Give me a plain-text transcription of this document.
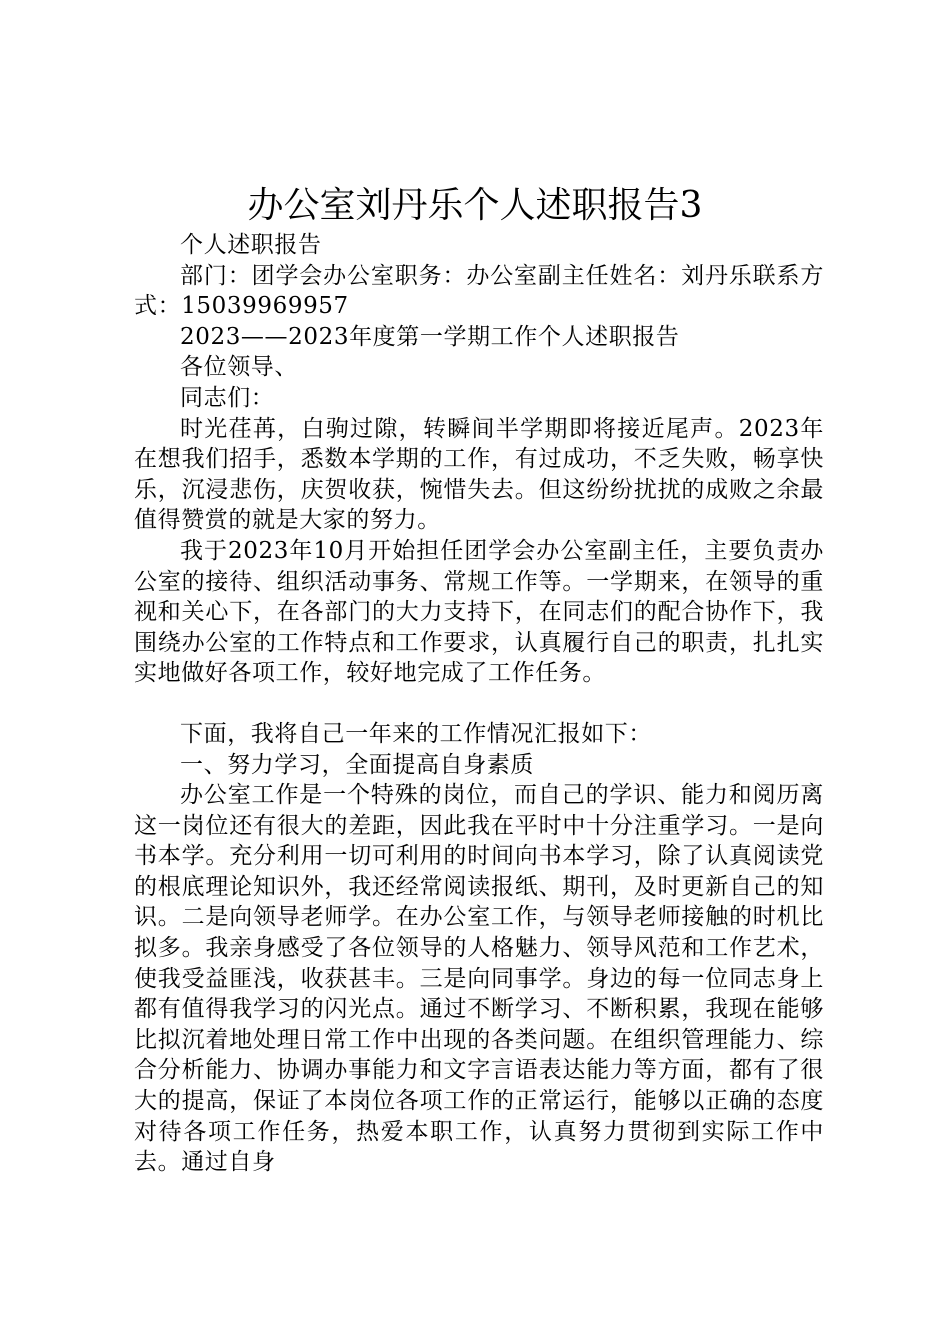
办公室刘丹乐个人述职报告3

个人述职报告

部门：团学会办公室职务：办公室副主任姓名：刘丹乐联系方式：15039969957

2023——2023年度第一学期工作个人述职报告

各位领导、

同志们：

时光荏苒，白驹过隙，转瞬间半学期即将接近尾声。2023年在想我们招手，悉数本学期的工作，有过成功，不乏失败，畅享快乐，沉浸悲伤，庆贺收获，惋惜失去。但这纷纷扰扰的成败之余最值得赞赏的就是大家的努力。

我于2023年10月开始担任团学会办公室副主任，主要负责办公室的接待、组织活动事务、常规工作等。一学期来，在领导的重视和关心下，在各部门的大力支持下，在同志们的配合协作下，我围绕办公室的工作特点和工作要求，认真履行自己的职责，扎扎实实地做好各项工作，较好地完成了工作任务。

下面，我将自己一年来的工作情况汇报如下：

一、努力学习，全面提高自身素质

办公室工作是一个特殊的岗位，而自己的学识、能力和阅历离这一岗位还有很大的差距，因此我在平时中十分注重学习。一是向书本学。充分利用一切可利用的时间向书本学习，除了认真阅读党的根底理论知识外，我还经常阅读报纸、期刊，及时更新自己的知识。二是向领导老师学。在办公室工作，与领导老师接触的时机比拟多。我亲身感受了各位领导的人格魅力、领导风范和工作艺术，使我受益匪浅，收获甚丰。三是向同事学。身边的每一位同志身上都有值得我学习的闪光点。通过不断学习、不断积累，我现在能够比拟沉着地处理日常工作中出现的各类问题。在组织管理能力、综合分析能力、协调办事能力和文字言语表达能力等方面，都有了很大的提高，保证了本岗位各项工作的正常运行，能够以正确的态度对待各项工作任务，热爱本职工作，认真努力贯彻到实际工作中去。通过自身
